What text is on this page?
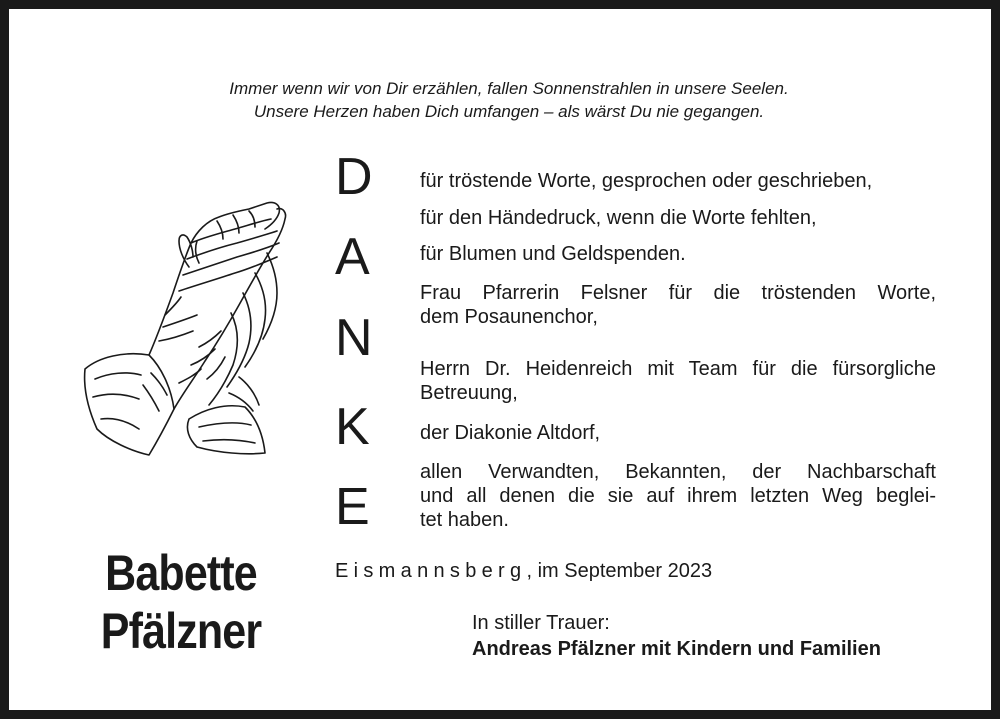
Immer wenn wir von Dir erzählen, fallen Sonnenstrahlen in unsere Seelen.
Unsere Herzen haben Dich umfangen – als wärst Du nie gegangen.
D
A
N
K
E
für tröstende Worte, gesprochen oder geschrieben,
für den Händedruck, wenn die Worte fehlten,
für Blumen und Geldspenden.
Frau Pfarrerin Felsner für die tröstenden Worte,
dem Posaunenchor,
Herrn Dr. Heidenreich mit Team für die fürsorgliche
Betreuung,
der Diakonie Altdorf,
allen Verwandten, Bekannten, der Nachbarschaft
und all denen die sie auf ihrem letzten Weg beglei-
tet haben.
Babette
Pfälzner
Eismannsberg, im September 2023
In stiller Trauer:
Andreas Pfälzner mit Kindern und Familien
